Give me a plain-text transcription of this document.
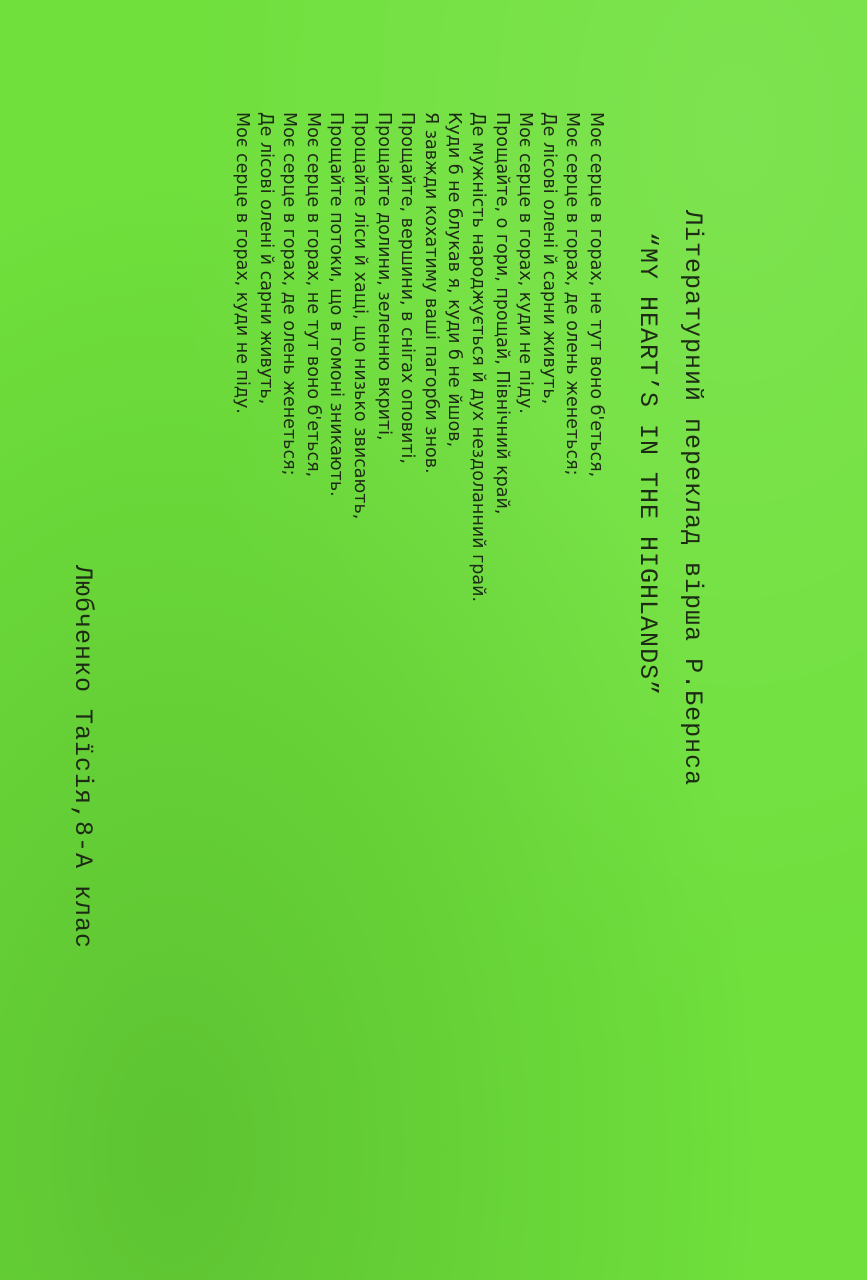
Літературний переклад вірша Р.Бернса
“MY HEART’S IN THE HIGHLANDS”
Моє серце в горах, не тут воно б'еться,
Моє серце в горах, де олень женеться;
Де лісові олені й сарни живуть,
Моє серце в горах, куди не піду.
Прощайте, о гори, прощай, Північний край,
Де мужність народжується й дух нездоланний грай.
Куди б не блукав я, куди б не йшов,
Я завжди кохатиму ваші пагорби знов.
Прощайте, вершини, в снігах оповиті,
Прощайте долини, зеленню вкриті,
Прощайте ліси й хащі, що низько звисають,
Прощайте потоки, що в гомоні зникають.
Моє серце в горах, не тут воно б'еться,
Моє серце в горах, де олень женеться;
Де лісові олені й сарни живуть,
Моє серце в горах, куди не піду.
Любченко Таїсія,8-А клас
